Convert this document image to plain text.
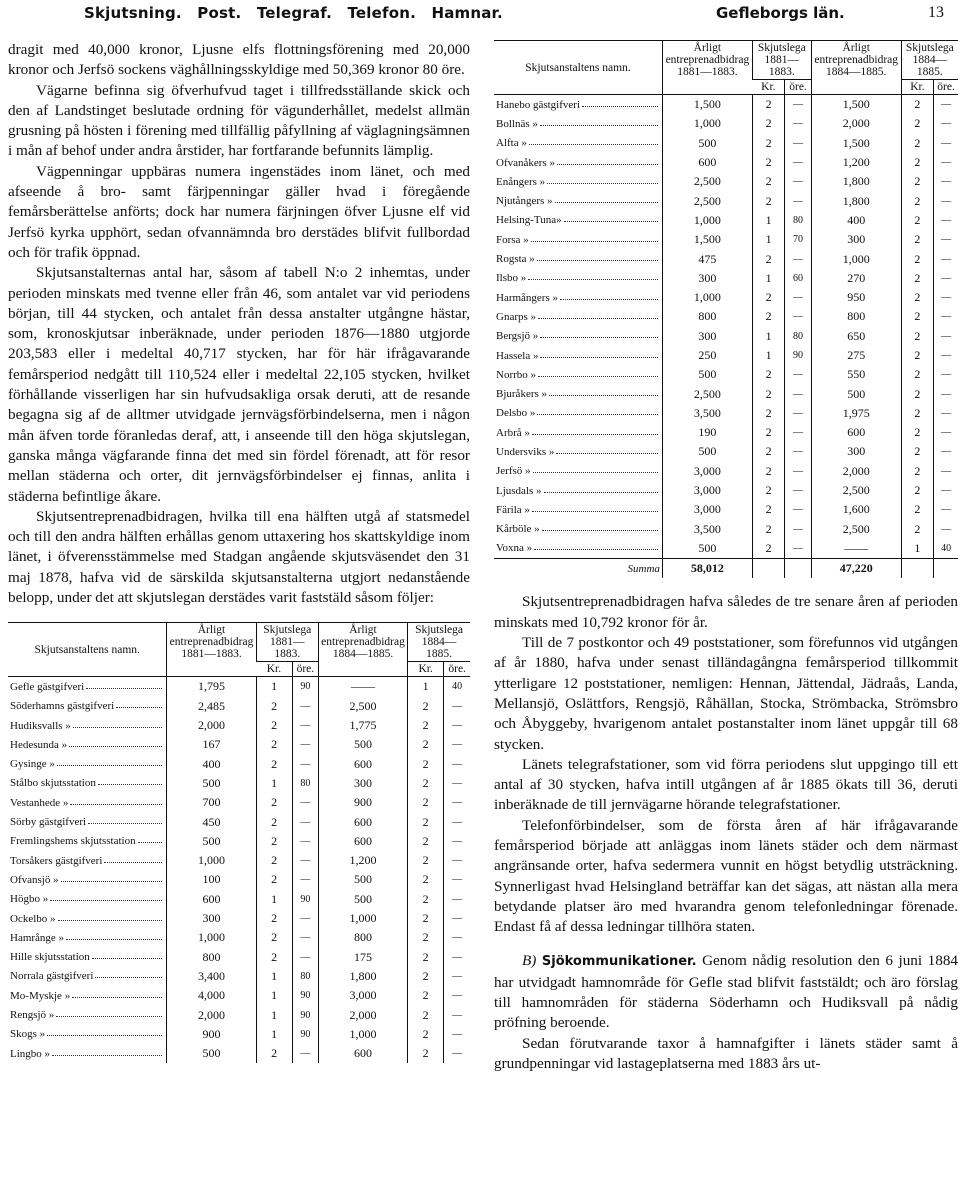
Skjutsning. Post. Telegraf. Telefon. Hamnar.	Gefleborgs län.	13

dragit med 40,000 kronor, Ljusne elfs flottningsförening med 20,000 kronor och Jerfsö sockens väghållningsskyldige med 50,369 kronor 80 öre.

Vägarne befinna sig öfverhufvud taget i tillfredsställande skick och den af Landstinget beslutade ordning för vägunderhållet, medelst allmän grusning på hösten i förening med tillfällig påfyllning af väglagningsämnen i mån af behof under andra årstider, har fortfarande befunnits lämplig.

Vägpenningar uppbäras numera ingenstädes inom länet, och med afseende å bro- samt färjpenningar gäller hvad i föregående femårsberättelse anförts; dock har numera färjningen öfver Ljusne elf vid Jerfsö kyrka upphört, sedan ofvannämnda bro derstädes blifvit fullbordad och för trafik öppnad.

Skjutsanstalternas antal har, såsom af tabell N:o 2 inhemtas, under perioden minskats med tvenne eller från 46, som antalet var vid periodens början, till 44 stycken, och antalet från dessa anstalter utgångne hästar, som, kronoskjutsar inberäknade, under perioden 1876—1880 utgjorde 203,583 eller i medeltal 40,717 stycken, har för här ifrågavarande femårsperiod nedgått till 110,524 eller i medeltal 22,105 stycken, hvilket förhållande visserligen har sin hufvudsakliga orsak deruti, att de resande begagna sig af de alltmer utvidgade jernvägsförbindelserna, men i någon mån äfven torde föranledas deraf, att, i anseende till den höga skjutslegan, ganska många vägfarande finna det med sin fördel förenadt, att för resor mellan städerna och orter, dit jernvägsförbindelser ej finnas, anlita i städerna befintlige åkare.

Skjutsentreprenadbidragen, hvilka till ena hälften utgå af statsmedel och till den andra hälften erhållas genom uttaxering hos skattskyldige inom länet, i öfverensstämmelse med Stadgan angående skjutsväsendet den 31 maj 1878, hafva vid de särskilda skjutsanstalterna utgjort nedanstående belopp, under det att skjutslegan derstädes varit faststäld såsom följer:

Skjutsanstaltens namn.	Årligt entreprenadbidrag 1881—1883.	Skjutslega 1881—1883.		Årligt entreprenadbidrag 1884—1885.	Skjutslega 1884—1885.	
		Kr.	öre.		Kr.	öre.

Gefle gästgifveri	1,795	1	90	——	1	40

Söderhamns gästgifveri	2,485	2	—	2,500	2	—

Hudiksvalls »	2,000	2	—	1,775	2	—

Hedesunda »	167	2	—	500	2	—

Gysinge »	400	2	—	600	2	—

Stålbo skjutsstation	500	1	80	300	2	—

Vestanhede »	700	2	—	900	2	—

Sörby gästgifveri	450	2	—	600	2	—

Fremlingshems skjutsstation	500	2	—	600	2	—

Torsåkers gästgifveri	1,000	2	—	1,200	2	—

Ofvansjö »	100	2	—	500	2	—

Högbo »	600	1	90	500	2	—

Ockelbo »	300	2	—	1,000	2	—

Hamrånge »	1,000	2	—	800	2	—

Hille skjutsstation	800	2	—	175	2	—

Norrala gästgifveri	3,400	1	80	1,800	2	—

Mo-Myskje »	4,000	1	90	3,000	2	—

Rengsjö »	2,000	1	90	2,000	2	—

Skogs »	900	1	90	1,000	2	—

Lingbo »	500	2	—	600	2	—
Skjutsanstaltens namn.	Årligt entreprenadbidrag 1881—1883.	Skjutslega 1881—1883.		Årligt entreprenadbidrag 1884—1885.	Skjutslega 1884—1885.	
		Kr.	öre.		Kr.	öre.

Hanebo gästgifveri	1,500	2	—	1,500	2	—

Bollnäs »	1,000	2	—	2,000	2	—

Alfta »	500	2	—	1,500	2	—

Ofvanåkers »	600	2	—	1,200	2	—

Enångers »	2,500	2	—	1,800	2	—

Njutångers »	2,500	2	—	1,800	2	—

Helsing-Tuna»	1,000	1	80	400	2	—

Forsa »	1,500	1	70	300	2	—

Rogsta »	475	2	—	1,000	2	—

Ilsbo »	300	1	60	270	2	—

Harmångers »	1,000	2	—	950	2	—

Gnarps »	800	2	—	800	2	—

Bergsjö »	300	1	80	650	2	—

Hassela »	250	1	90	275	2	—

Norrbo »	500	2	—	550	2	—

Bjuråkers »	2,500	2	—	500	2	—

Delsbo »	3,500	2	—	1,975	2	—

Arbrå »	190	2	—	600	2	—

Undersviks »	500	2	—	300	2	—

Jerfsö »	3,000	2	—	2,000	2	—

Ljusdals »	3,000	2	—	2,500	2	—

Färila »	3,000	2	—	1,600	2	—

Kårböle »	3,500	2	—	2,500	2	—

Voxna »	500	2	—	——	1	40
Summa	58,012			47,220		

Skjutsentreprenadbidragen hafva således de tre senare åren af perioden minskats med 10,792 kronor för år.

Till de 7 postkontor och 49 poststationer, som förefunnos vid utgången af år 1880, hafva under senast tilländagångna femårsperiod tillkommit ytterligare 12 poststationer, nemligen: Hennan, Jättendal, Jädraås, Landa, Mellansjö, Oslättfors, Rengsjö, Råhällan, Stocka, Strömbacka, Strömsbro och Åbyggeby, hvarigenom antalet postanstalter inom länet uppgår till 68 stycken.

Länets telegrafstationer, som vid förra periodens slut uppgingo till ett antal af 30 stycken, hafva intill utgången af år 1885 ökats till 36, deruti inberäknade de till jernvägarne hörande telegrafstationer.

Telefonförbindelser, som de första åren af här ifrågavarande femårsperiod började att anläggas inom länets städer och dem närmast angränsande orter, hafva sedermera vunnit en högst betydlig utsträckning. Synnerligast hvad Helsingland beträffar kan det sägas, att nästan alla mera betydande platser äro med hvarandra genom telefonledningar förenade. Endast få af dessa ledningar tillhöra staten.

B) Sjökommunikationer. Genom nådig resolution den 6 juni 1884 har utvidgadt hamnområde för Gefle stad blifvit faststäldt; och äro förslag till hamnområden för städerna Söderhamn och Hudiksvall på nådig pröfning beroende.

Sedan förutvarande taxor å hamnafgifter i länets städer samt å grundpenningar vid lastageplatserna med 1883 års ut-
